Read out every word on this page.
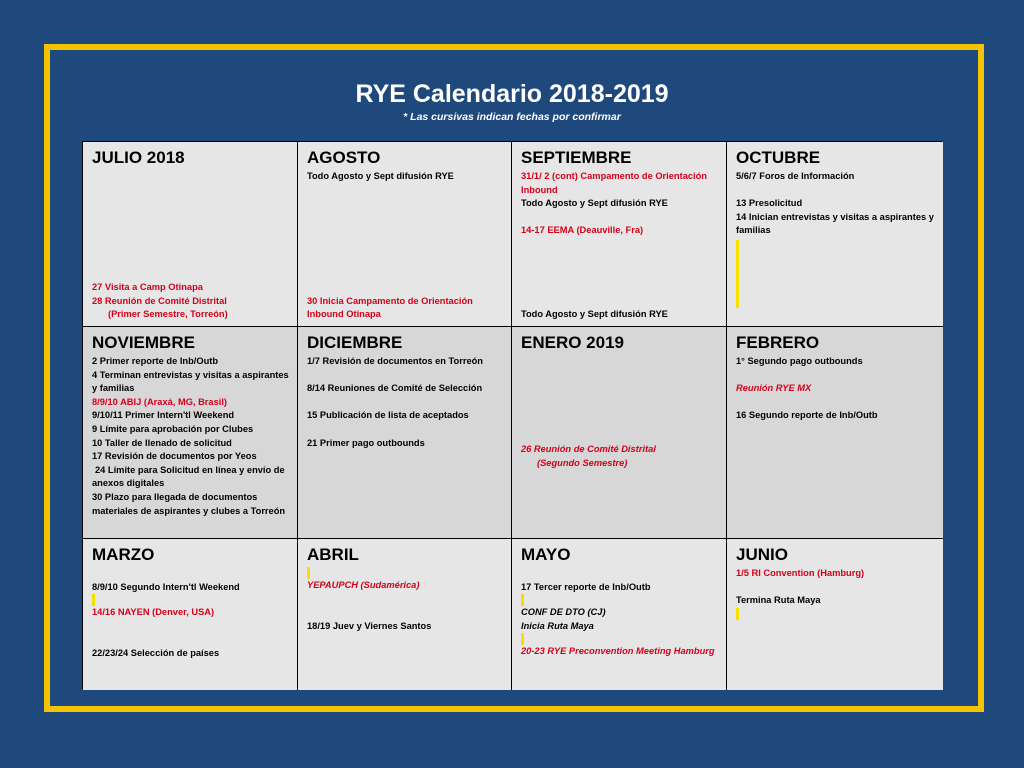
RYE Calendario 2018-2019
* Las cursivas indican fechas por confirmar
JULIO 2018
27 Visita a Camp Otinapa
28 Reunión de Comité Distrital
(Primer Semestre, Torreón)
AGOSTO
Todo Agosto y Sept difusión RYE
30 Inicia Campamento de Orientación Inbound Otinapa
SEPTIEMBRE
31/1/ 2 (cont) Campamento de Orientación Inbound
Todo Agosto y Sept difusión RYE
14-17 EEMA (Deauville, Fra)
Todo Agosto y Sept difusión RYE
OCTUBRE
5/6/7 Foros de Información
13 Presolicitud
14 Inician entrevistas y visitas a aspirantes y familias
NOVIEMBRE
2 Primer reporte de Inb/Outb
4 Terminan entrevistas y visitas a aspirantes y familias
8/9/10 ABIJ (Araxá, MG, Brasil)
9/10/11 Primer Intern'tl Weekend
9 Límite para aprobación por Clubes
10 Taller de llenado de solicitud
17 Revisión de documentos por Yeos
24 Límite para Solicitud en línea y envío de anexos digitales
30 Plazo para llegada de documentos materiales de aspirantes y clubes a Torreón
DICIEMBRE
1/7 Revisión de documentos en Torreón
8/14 Reuniones de Comité de Selección
15 Publicación de lista de aceptados
21 Primer pago outbounds
ENERO 2019
26 Reunión de Comité Distrital
(Segundo Semestre)
FEBRERO
1° Segundo pago outbounds
Reunión RYE MX
16 Segundo reporte de Inb/Outb
MARZO
8/9/10 Segundo Intern'tl Weekend
14/16 NAYEN (Denver, USA)
22/23/24 Selección de países
ABRIL
YEPAUPCH (Sudamérica)
18/19 Juev y Viernes Santos
MAYO
17 Tercer reporte de Inb/Outb
CONF DE DTO (CJ)
Inicia Ruta Maya
20-23 RYE Preconvention Meeting Hamburg
JUNIO
1/5 RI Convention (Hamburg)
Termina Ruta Maya
